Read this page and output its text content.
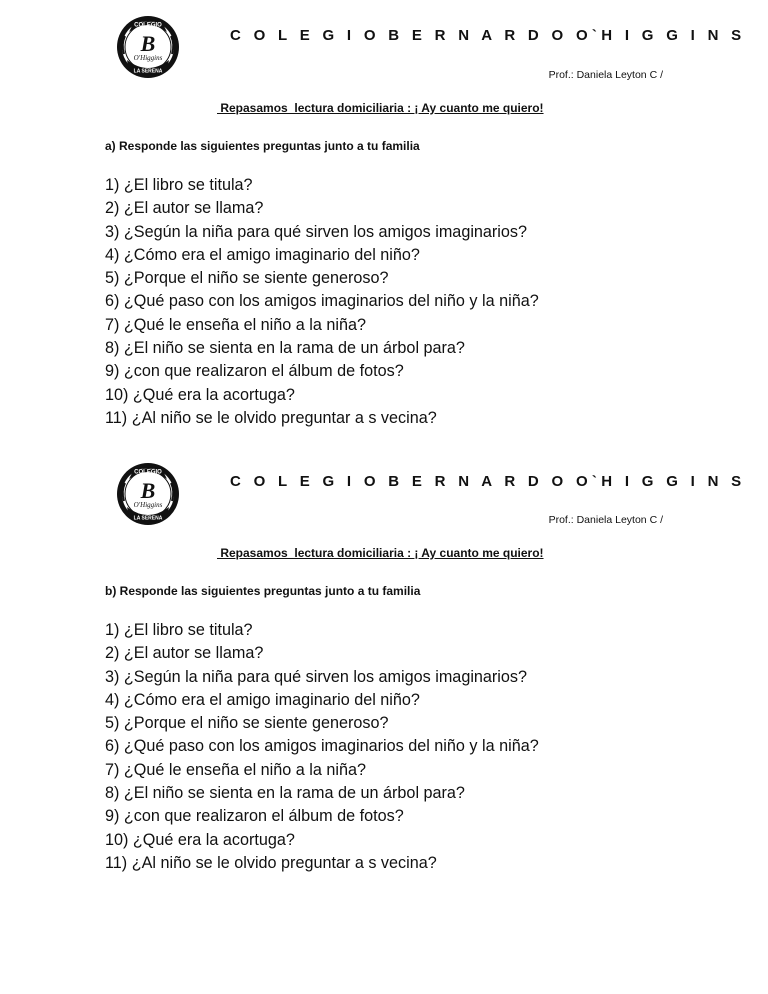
COLEGIO
B
O'Higgins
LA SERENA
C O L E G I O B E R N A R D O O`H I G G I N S
Prof.: Daniela Leyton C /
Repasamos  lectura domiciliaria : ¡ Ay cuanto me quiero!
a) Responde las siguientes preguntas junto a tu familia
1) ¿El libro se titula?
2) ¿El autor se llama?
3) ¿Según la niña para qué sirven los amigos imaginarios?
4) ¿Cómo era el amigo imaginario del niño?
5) ¿Porque el niño se siente generoso?
6) ¿Qué paso con los amigos imaginarios del niño y la niña?
7) ¿Qué le enseña el niño a la niña?
8) ¿El niño se sienta en la rama de un árbol para?
9) ¿con que realizaron el álbum de fotos?
10) ¿Qué era la acortuga?
11) ¿Al niño se le olvido preguntar a s vecina?
COLEGIO
B
O'Higgins
LA SERENA
C O L E G I O B E R N A R D O O`H I G G I N S
Prof.: Daniela Leyton C /
Repasamos  lectura domiciliaria : ¡ Ay cuanto me quiero!
b) Responde las siguientes preguntas junto a tu familia
1) ¿El libro se titula?
2) ¿El autor se llama?
3) ¿Según la niña para qué sirven los amigos imaginarios?
4) ¿Cómo era el amigo imaginario del niño?
5) ¿Porque el niño se siente generoso?
6) ¿Qué paso con los amigos imaginarios del niño y la niña?
7) ¿Qué le enseña el niño a la niña?
8) ¿El niño se sienta en la rama de un árbol para?
9) ¿con que realizaron el álbum de fotos?
10) ¿Qué era la acortuga?
11) ¿Al niño se le olvido preguntar a s vecina?
